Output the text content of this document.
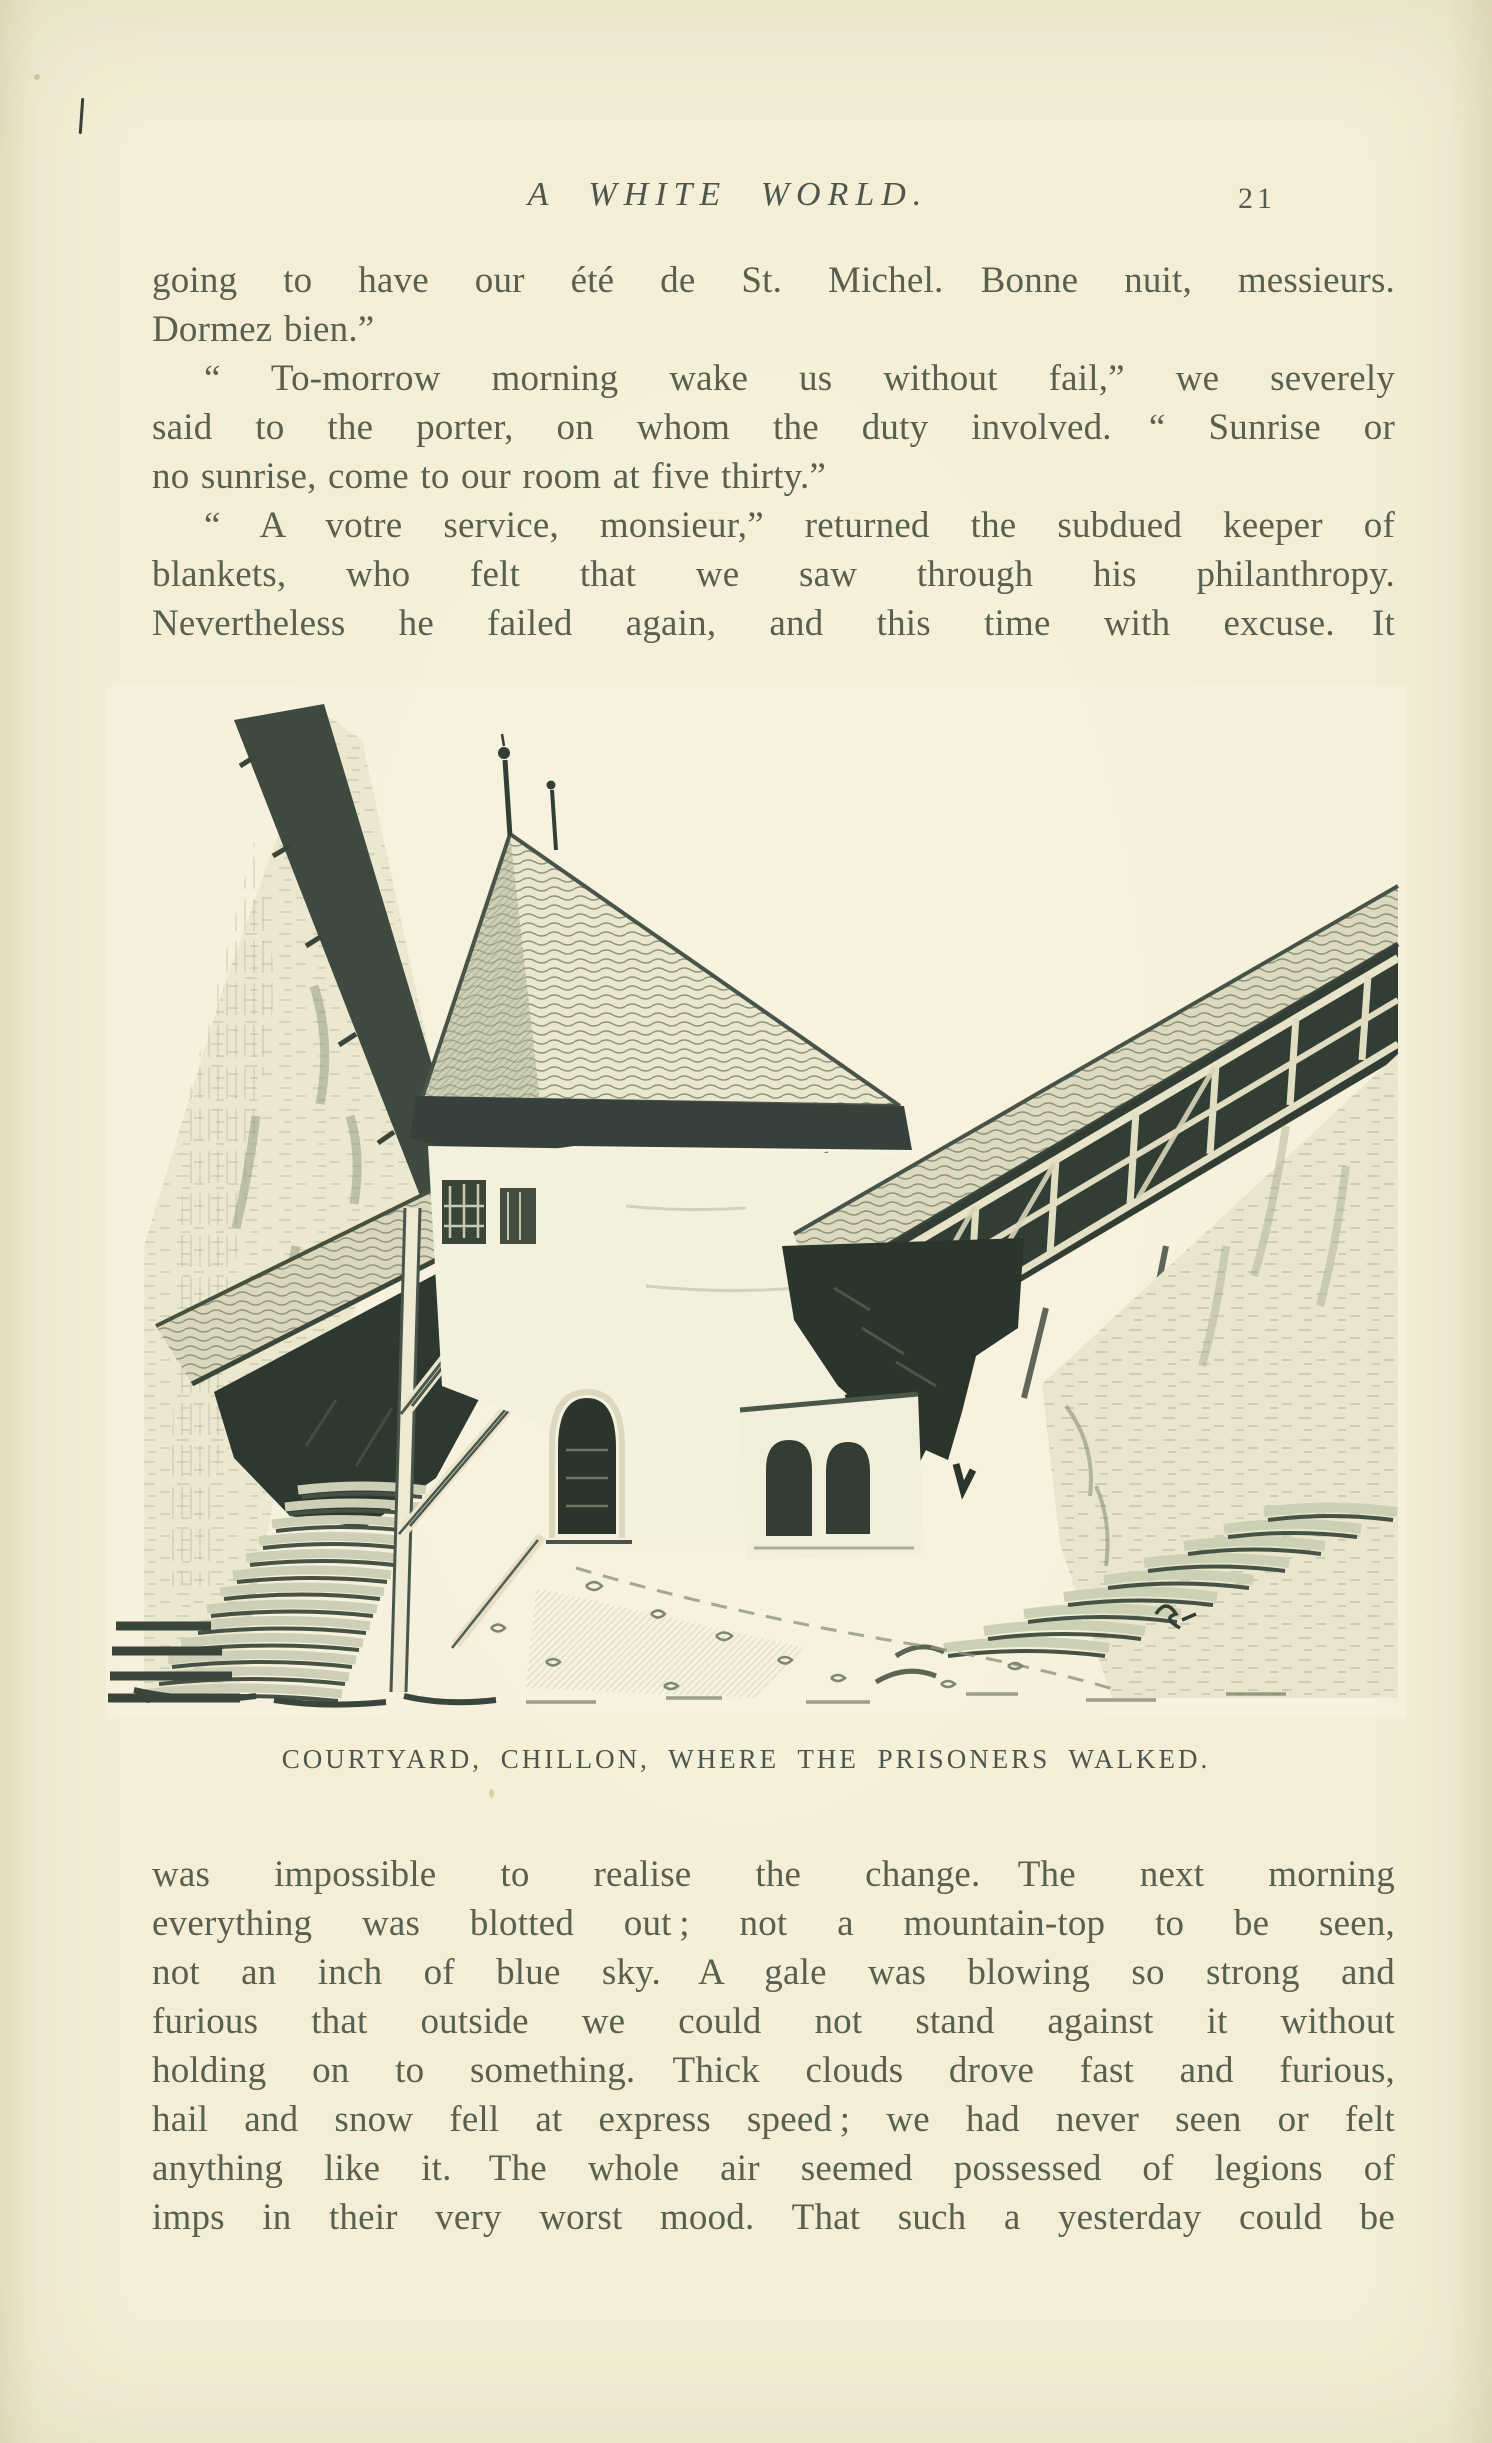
A WHITE WORLD.	21
going to have our été de St. Michel. Bonne nuit, messieurs.
Dormez bien.”
“ To-morrow morning wake us without fail,” we severely
said to the porter, on whom the duty involved. “ Sunrise or
no sunrise, come to our room at five thirty.”
“ A votre service, monsieur,” returned the subdued keeper of
blankets, who felt that we saw through his philanthropy.
Nevertheless he failed again, and this time with excuse. It
COURTYARD, CHILLON, WHERE THE PRISONERS WALKED.
was impossible to realise the change. The next morning
everything was blotted out ; not a mountain-top to be seen,
not an inch of blue sky. A gale was blowing so strong and
furious that outside we could not stand against it without
holding on to something. Thick clouds drove fast and furious,
hail and snow fell at express speed ; we had never seen or felt
anything like it. The whole air seemed possessed of legions of
imps in their very worst mood. That such a yesterday could be
